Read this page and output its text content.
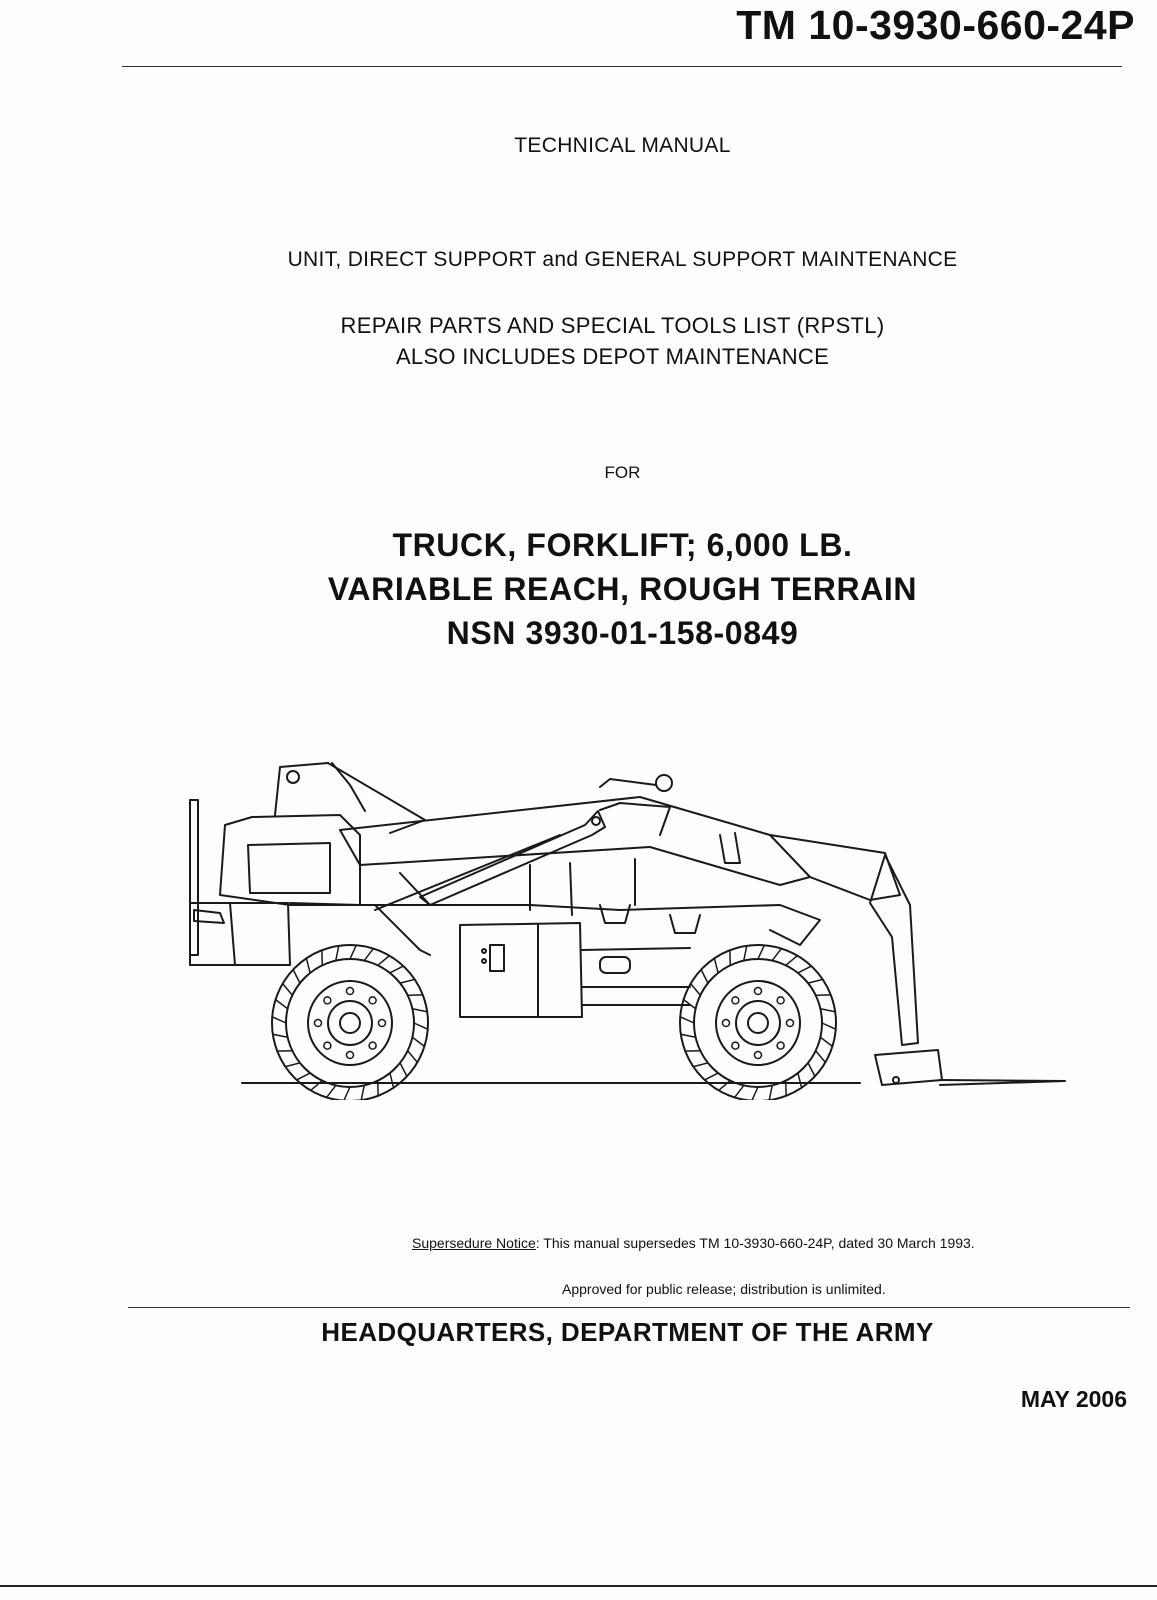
TM 10-3930-660-24P
TECHNICAL MANUAL
UNIT, DIRECT SUPPORT and GENERAL SUPPORT MAINTENANCE
REPAIR PARTS AND SPECIAL TOOLS LIST (RPSTL)
ALSO INCLUDES DEPOT MAINTENANCE
FOR
TRUCK, FORKLIFT; 6,000 LB.
VARIABLE REACH, ROUGH TERRAIN
NSN 3930-01-158-0849
Supersedure Notice: This manual supersedes TM 10-3930-660-24P, dated 30 March 1993.
Approved for public release; distribution is unlimited.
HEADQUARTERS, DEPARTMENT OF THE ARMY
MAY 2006
